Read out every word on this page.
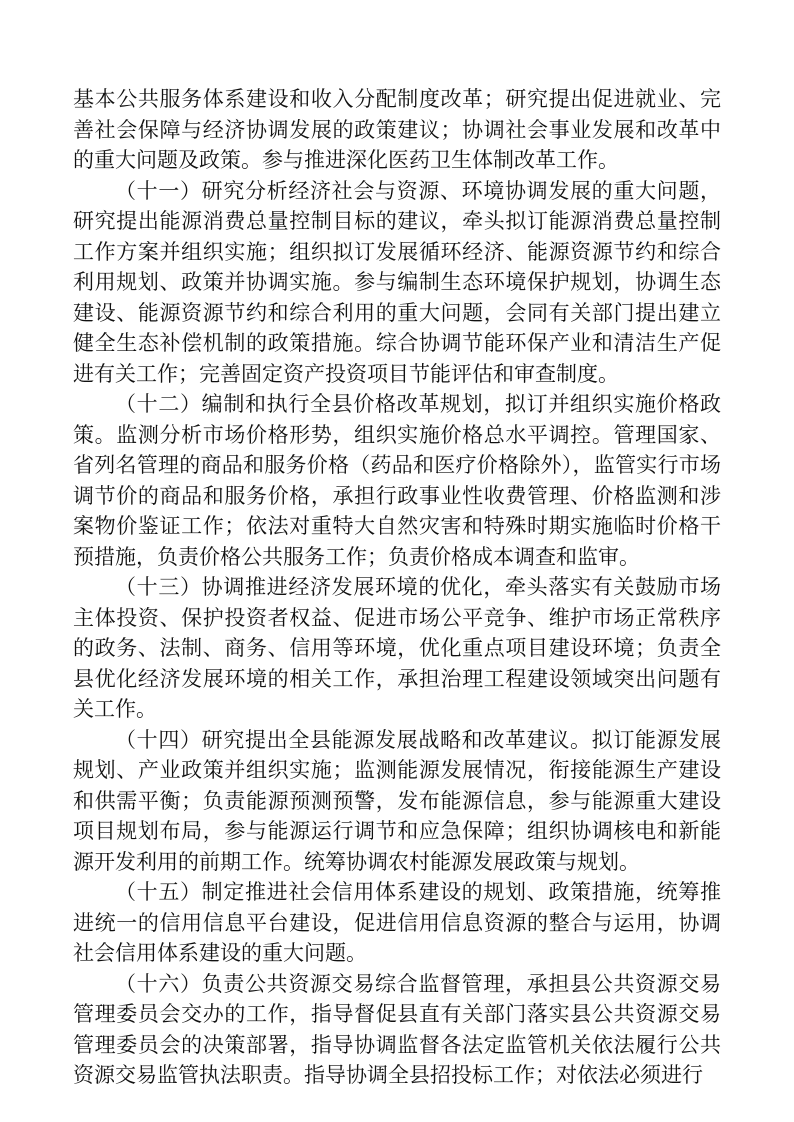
基本公共服务体系建设和收入分配制度改革；研究提出促进就业、完善社会保障与经济协调发展的政策建议；协调社会事业发展和改革中的重大问题及政策。参与推进深化医药卫生体制改革工作。

（十一）研究分析经济社会与资源、环境协调发展的重大问题，研究提出能源消费总量控制目标的建议，牵头拟订能源消费总量控制工作方案并组织实施；组织拟订发展循环经济、能源资源节约和综合利用规划、政策并协调实施。参与编制生态环境保护规划，协调生态建设、能源资源节约和综合利用的重大问题，会同有关部门提出建立健全生态补偿机制的政策措施。综合协调节能环保产业和清洁生产促进有关工作；完善固定资产投资项目节能评估和审查制度。

（十二）编制和执行全县价格改革规划，拟订并组织实施价格政策。监测分析市场价格形势，组织实施价格总水平调控。管理国家、省列名管理的商品和服务价格（药品和医疗价格除外），监管实行市场调节价的商品和服务价格，承担行政事业性收费管理、价格监测和涉案物价鉴证工作；依法对重特大自然灾害和特殊时期实施临时价格干预措施，负责价格公共服务工作；负责价格成本调查和监审。

（十三）协调推进经济发展环境的优化，牵头落实有关鼓励市场主体投资、保护投资者权益、促进市场公平竞争、维护市场正常秩序的政务、法制、商务、信用等环境，优化重点项目建设环境；负责全县优化经济发展环境的相关工作，承担治理工程建设领域突出问题有关工作。

（十四）研究提出全县能源发展战略和改革建议。拟订能源发展规划、产业政策并组织实施；监测能源发展情况，衔接能源生产建设和供需平衡；负责能源预测预警，发布能源信息，参与能源重大建设项目规划布局，参与能源运行调节和应急保障；组织协调核电和新能源开发利用的前期工作。统筹协调农村能源发展政策与规划。

（十五）制定推进社会信用体系建设的规划、政策措施，统筹推进统一的信用信息平台建设，促进信用信息资源的整合与运用，协调社会信用体系建设的重大问题。

（十六）负责公共资源交易综合监督管理，承担县公共资源交易管理委员会交办的工作，指导督促县直有关部门落实县公共资源交易管理委员会的决策部署，指导协调监督各法定监管机关依法履行公共资源交易监管执法职责。指导协调全县招投标工作；对依法必须进行
